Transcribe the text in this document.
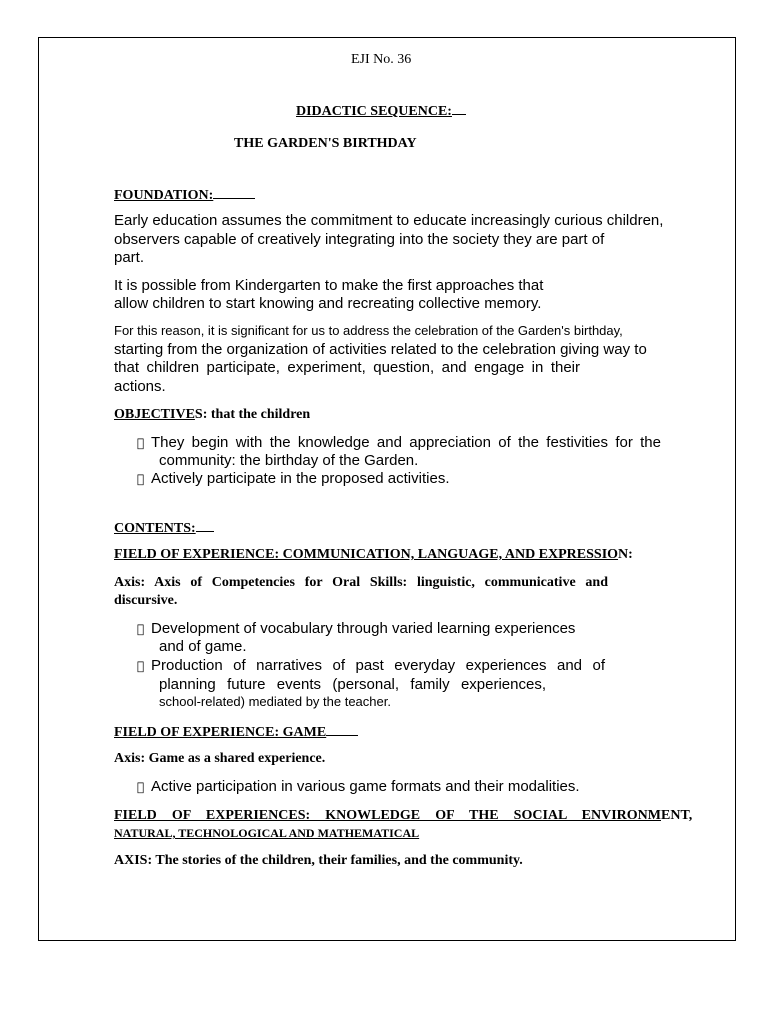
EJI No. 36
DIDACTIC SEQUENCE:
THE GARDEN'S BIRTHDAY
FOUNDATION:
Early education assumes the commitment to educate increasingly curious children,
observers capable of creatively integrating into the society they are part of
part.
It is possible from Kindergarten to make the first approaches that
allow children to start knowing and recreating collective memory.
For this reason, it is significant for us to address the celebration of the Garden's birthday,
starting from the organization of activities related to the celebration giving way to
that children participate, experiment, question, and engage in their
actions.
OBJECTIVES: that the children
They begin with the knowledge and appreciation of the festivities for the
community: the birthday of the Garden.
Actively participate in the proposed activities.
CONTENTS:
FIELD OF EXPERIENCE: COMMUNICATION, LANGUAGE, AND EXPRESSION:
Axis: Axis of Competencies for Oral Skills: linguistic, communicative and
discursive.
Development of vocabulary through varied learning experiences
and of game.
Production of narratives of past everyday experiences and of
planning future events (personal, family experiences,
school-related) mediated by the teacher.
FIELD OF EXPERIENCE: GAME
Axis: Game as a shared experience.
Active participation in various game formats and their modalities.
FIELD OF EXPERIENCES: KNOWLEDGE OF THE SOCIAL ENVIRONMENT,
NATURAL, TECHNOLOGICAL AND MATHEMATICAL
AXIS: The stories of the children, their families, and the community.
